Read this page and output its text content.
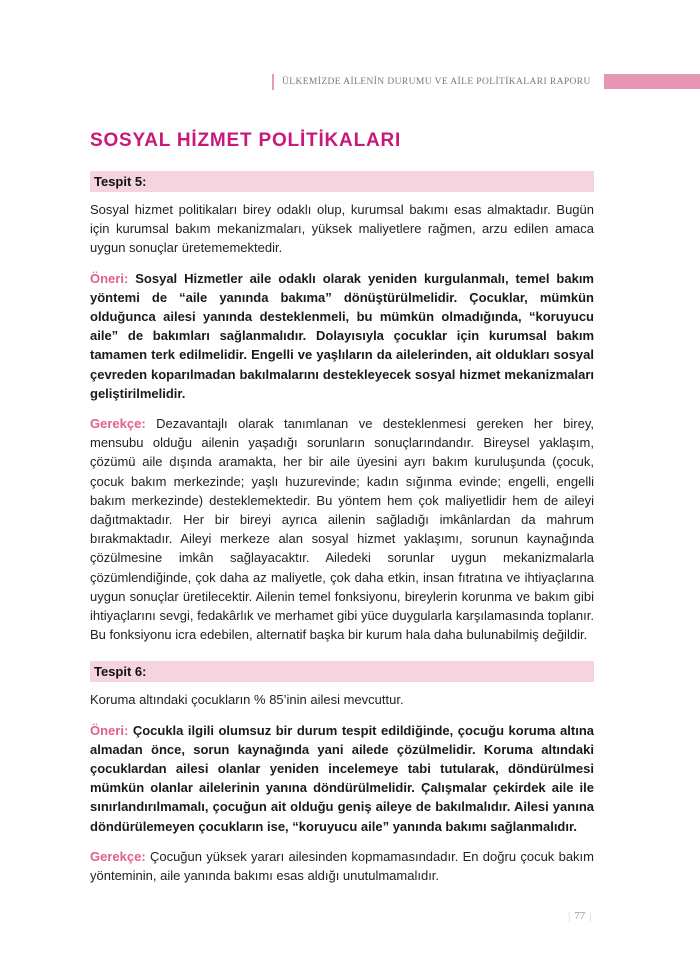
ÜLKEMİZDE AİLENİN DURUMU VE AİLE POLİTİKALARI RAPORU
SOSYAL HİZMET POLİTİKALARI
Tespit 5:

Sosyal hizmet politikaları birey odaklı olup, kurumsal bakımı esas almaktadır. Bugün için kurumsal bakım mekanizmaları, yüksek maliyetlere rağmen, arzu edilen amaca uygun sonuçlar üretememektedir.

Öneri: Sosyal Hizmetler aile odaklı olarak yeniden kurgulanmalı, temel bakım yöntemi de “aile yanında bakıma” dönüştürülmelidir. Çocuklar, mümkün olduğunca ailesi yanında desteklenmeli, bu mümkün olmadığında, “koruyucu aile” de bakımları sağlanmalıdır. Dolayısıyla çocuklar için kurumsal bakım tamamen terk edilmelidir. Engelli ve yaşlıların da ailelerinden, ait oldukları sosyal çevreden koparılmadan bakılmalarını destekleyecek sosyal hizmet mekanizmaları geliştirilmelidir.

Gerekçe: Dezavantajlı olarak tanımlanan ve desteklenmesi gereken her birey, mensubu olduğu ailenin yaşadığı sorunların sonuçlarındandır. Bireysel yaklaşım, çözümü aile dışında aramakta, her bir aile üyesini ayrı bakım kuruluşunda (çocuk, çocuk bakım merkezinde; yaşlı huzurevinde; kadın sığınma evinde; engelli, engelli bakım merkezinde) desteklemektedir. Bu yöntem hem çok maliyetlidir hem de aileyi dağıtmaktadır. Her bir bireyi ayrıca ailenin sağladığı imkânlardan da mahrum bırakmaktadır. Aileyi merkeze alan sosyal hizmet yaklaşımı, sorunun kaynağında çözülmesine imkân sağlayacaktır. Ailedeki sorunlar uygun mekanizmalarla çözümlendiğinde, çok daha az maliyetle, çok daha etkin, insan fıtratına ve ihtiyaçlarına uygun sonuçlar üretilecektir. Ailenin temel fonksiyonu, bireylerin korunma ve bakım gibi ihtiyaçlarını sevgi, fedakârlık ve merhamet gibi yüce duygularla karşılamasında toplanır. Bu fonksiyonu icra edebilen, alternatif başka bir kurum hala daha bulunabilmiş değildir.

Tespit 6:

Koruma altındaki çocukların % 85’inin ailesi mevcuttur.

Öneri: Çocukla ilgili olumsuz bir durum tespit edildiğinde, çocuğu koruma altına almadan önce, sorun kaynağında yani ailede çözülmelidir. Koruma altındaki çocuklardan ailesi olanlar yeniden incelemeye tabi tutularak, döndürülmesi mümkün olanlar ailelerinin yanına döndürülmelidir. Çalışmalar çekirdek aile ile sınırlandırılmamalı, çocuğun ait olduğu geniş aileye de bakılmalıdır. Ailesi yanına döndürülemeyen çocukların ise, “koruyucu aile” yanında bakımı sağlanmalıdır.

Gerekçe: Çocuğun yüksek yararı ailesinden kopmamasındadır. En doğru çocuk bakım yönteminin, aile yanında bakımı esas aldığı unutulmamalıdır.

| 77 |
